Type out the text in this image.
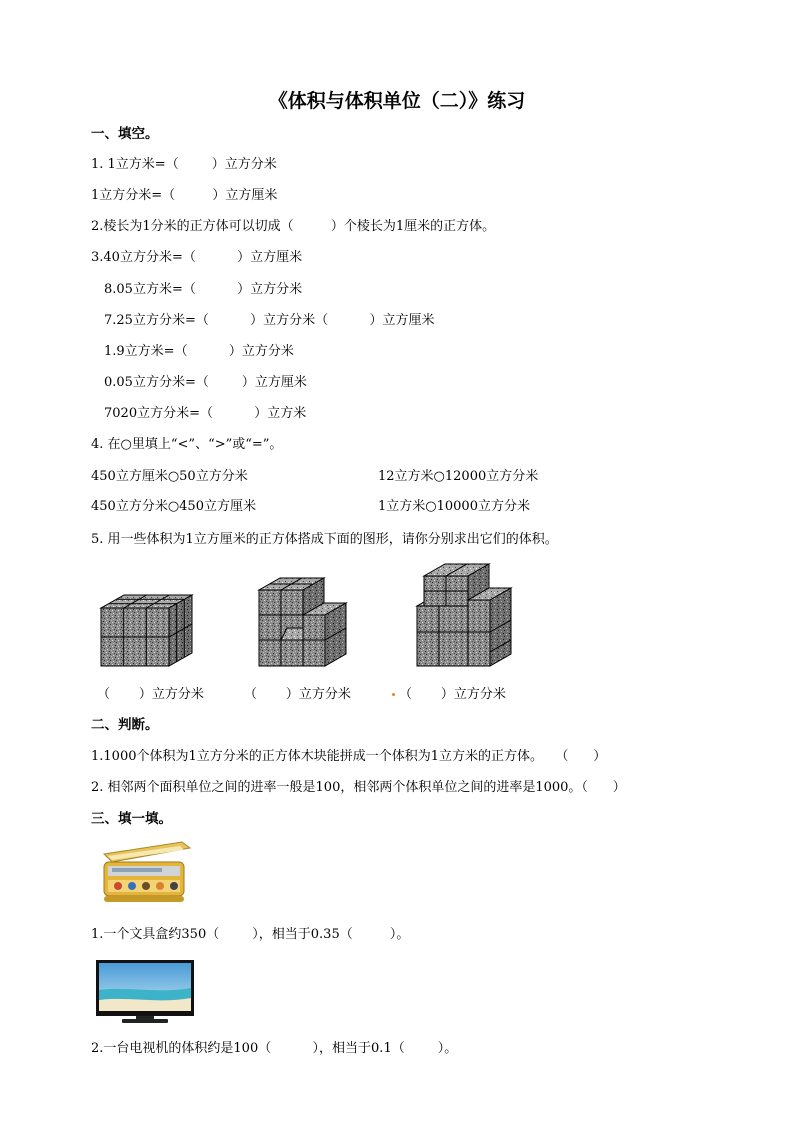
《体积与体积单位（二）》练习
一、填空。
1. 1立方米=（        ）立方分米
1立方分米=（         ）立方厘米
2.棱长为1分米的正方体可以切成（         ）个棱长为1厘米的正方体。
3.40立方分米=（          ）立方厘米
8.05立方米=（          ）立方分米
7.25立方分米=（          ）立方分米（          ）立方厘米
1.9立方米=（          ）立方分米
0.05立方分米=（        ）立方厘米
7020立方分米=（          ）立方米
4. 在○里填上“<”、“>”或“=”。
450立方厘米○50立方分米	12立方米○12000立方分米
450立方分米○450立方厘米	1立方米○10000立方分米
5. 用一些体积为1立方厘米的正方体搭成下面的图形，请你分别求出它们的体积。
（       ）立方分米	（       ）立方分米	（       ）立方分米
二、判断。
1.1000个体积为1立方分米的正方体木块能拼成一个体积为1立方米的正方体。   （      ）
2. 相邻两个面积单位之间的进率一般是100，相邻两个体积单位之间的进率是1000。（      ）
三、填一填。
1.一个文具盒约350（        ），相当于0.35（         ）。
2.一台电视机的体积约是100（          ），相当于0.1（        ）。
